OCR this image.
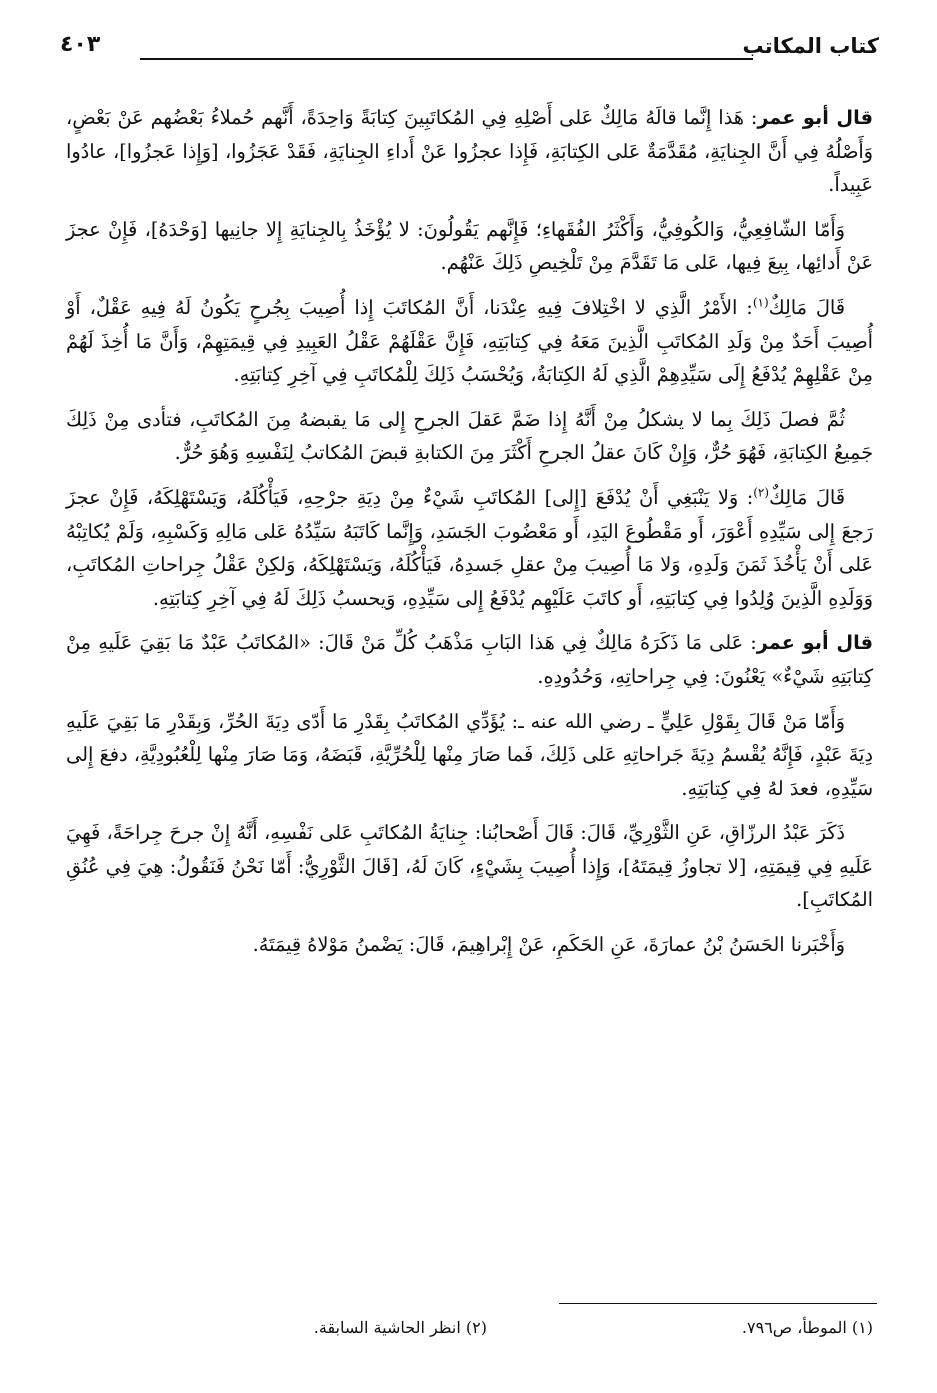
كتاب المكاتب
٤٠٣

قال أبو عمر: هَذا إِنَّما قالَهُ مَالِكٌ عَلى أَصْلِهِ فِي المُكاتَبِينَ كِتابَةً وَاحِدَةً، أَنَّهم حُملاءُ بَعْضُهم عَنْ بَعْضٍ، وَأَصْلُهُ فِي أَنَّ الجِنايَةِ، مُقَدَّمَةٌ عَلى الكِتابَةِ، فَإِذا عجزُوا عَنْ أَداءِ الجِنايَةِ، فَقَدْ عَجَزُوا، [وَإِذا عَجزُوا]، عادُوا عَبِيداً.

وَأَمّا الشّافِعِيُّ، وَالكُوفِيُّ، وَأَكْثَرُ الفُقَهاءِ؛ فَإِنَّهم يَقُولُونَ: لا يُؤْخَذُ بِالجِنايَةِ إِلا جانِيها [وَحْدَهُ]، فَإِنْ عجزَ عَنْ أَدائِها، بِيعَ فِيها، عَلى مَا تَقَدَّمَ مِنْ تَلْخِيصِ ذَلِكَ عَنْهُم.

قَالَ مَالِكٌ$^{(١)}$: الأَمْرُ الَّذِي لا اخْتِلافَ فِيهِ عِنْدَنا، أَنَّ المُكاتَبَ إِذا أُصِيبَ بِجُرحٍ يَكُونُ لَهُ فِيهِ عَقْلٌ، أَوْ أُصِيبَ أَحَدٌ مِنْ وَلَدِ المُكاتَبِ الَّذِينَ مَعَهُ فِي كِتابَتِهِ، فَإِنَّ عَقْلَهُمْ عَقْلُ العَبِيدِ فِي قِيمَتِهِمْ، وَأَنَّ مَا أُخِذَ لَهُمْ مِنْ عَقْلِهِمْ يُدْفَعُ إِلَى سَيِّدِهِمْ الَّذِي لَهُ الكِتابَةُ، وَيُحْسَبُ ذَلِكَ لِلْمُكاتَبِ فِي آخِرِ كِتابَتِهِ.

ثُمَّ فصلَ ذَلِكَ بِما لا يشكلُ مِنْ أَنَّهُ إِذا ضَمَّ عَقلَ الجرحِ إِلى مَا يقبضهُ مِنَ المُكاتَبِ، فتأدى مِنْ ذَلِكَ جَمِيعُ الكِتابَةِ، فَهُوَ حُرٌّ، وَإِنْ كَانَ عقلُ الجرحِ أَكْثَرَ مِنَ الكتابةِ قبضَ المُكاتبُ لِنَفْسِهِ وَهُوَ حُرٌّ.

قَالَ مَالِكٌ$^{(٢)}$: وَلا يَنْبَغِي أَنْ يُدْفَعَ [إِلى] المُكاتَبِ شَيْءٌ مِنْ دِيَةِ جرْحِهِ، فَيَأْكُلَهُ، وَيَسْتَهْلِكَهُ، فَإِنْ عجزَ رَجعَ إِلى سَيِّدِهِ أَعْوَرَ، أَو مَقْطُوعَ اليَدِ، أَو مَعْضُوبَ الجَسَدِ، وَإِنَّما كَاتَبَهُ سَيِّدُهُ عَلى مَالِهِ وَكَسْبِهِ، وَلَمْ يُكاتِبْهُ عَلى أَنْ يَأْخُذَ ثَمَنَ وَلَدِهِ، وَلا مَا أُصِيبَ مِنْ عقلِ جَسدِهُ، فَيَأْكُلَهُ، وَيَسْتَهْلِكَهُ، وَلكِنْ عَقْلُ جِراحاتِ المُكاتَبِ، وَوَلَدِهِ الَّذِينَ وُلِدُوا فِي كِتابَتِهِ، أَو كاتَبَ عَلَيْهِم يُدْفَعُ إِلى سَيِّدِهِ، وَيحسبُ ذَلِكَ لَهُ فِي آخِرِ كِتابَتِهِ.

قال أبو عمر: عَلى مَا ذَكَرَهُ مَالِكٌ فِي هَذا البَابِ مَذْهَبُ كُلِّ مَنْ قَالَ: «المُكاتَبُ عَبْدٌ مَا بَقِيَ عَلَيهِ مِنْ كِتابَتِهِ شَيْءٌ» يَعْنُونَ: فِي جِراحاتِهِ، وَحُدُودِهِ.

وَأَمّا مَنْ قَالَ بِقَوْلِ عَلِيٍّ ـ رضي الله عنه ـ: يُؤَدِّي المُكاتَبُ بِقَدْرِ مَا أَدّى دِيَةَ الحُرِّ، وَبِقَدْرِ مَا بَقِيَ عَلَيهِ دِيَةَ عَبْدٍ، فَإِنَّهُ يُقْسمُ دِيَةَ جَراحاتِهِ عَلى ذَلِكَ، فَما صَارَ مِنْها لِلْحُرِّيَّةِ، قَبَضَهُ، وَمَا صَارَ مِنْها لِلْعُبُودِيَّةِ، دفعَ إِلى سَيِّدِهِ، فعدَ لهُ فِي كِتابَتِهِ.

ذَكَرَ عَبْدُ الرزّاقِ، عَنِ الثَّوْرِيِّ، قَالَ: قَالَ أَصْحابُنا: جِنايَةُ المُكاتَبِ عَلى نَفْسِهِ، أَنَّهُ إِنْ جرحَ جِراحَةً، فَهِيَ عَلَيهِ فِي قِيمَتِهِ، [لا تجاوزُ قِيمَتَهُ]، وَإِذا أُصِيبَ بِشَيْءٍ، كَانَ لَهُ، [قَالَ الثَّوْرِيُّ: أَمّا نَحْنُ فَنَقُولُ: هِيَ فِي عُنُقِ المُكاتَبِ].

وَأَخْبَرنا الحَسَنُ بْنُ عمارَةَ، عَنِ الحَكَمِ، عَنْ إِبْراهِيمَ، قَالَ: يَضْمنُ مَوْلاهُ قِيمَتَهُ.

(١) الموطأ، ص٧٩٦.
(٢) انظر الحاشية السابقة.
